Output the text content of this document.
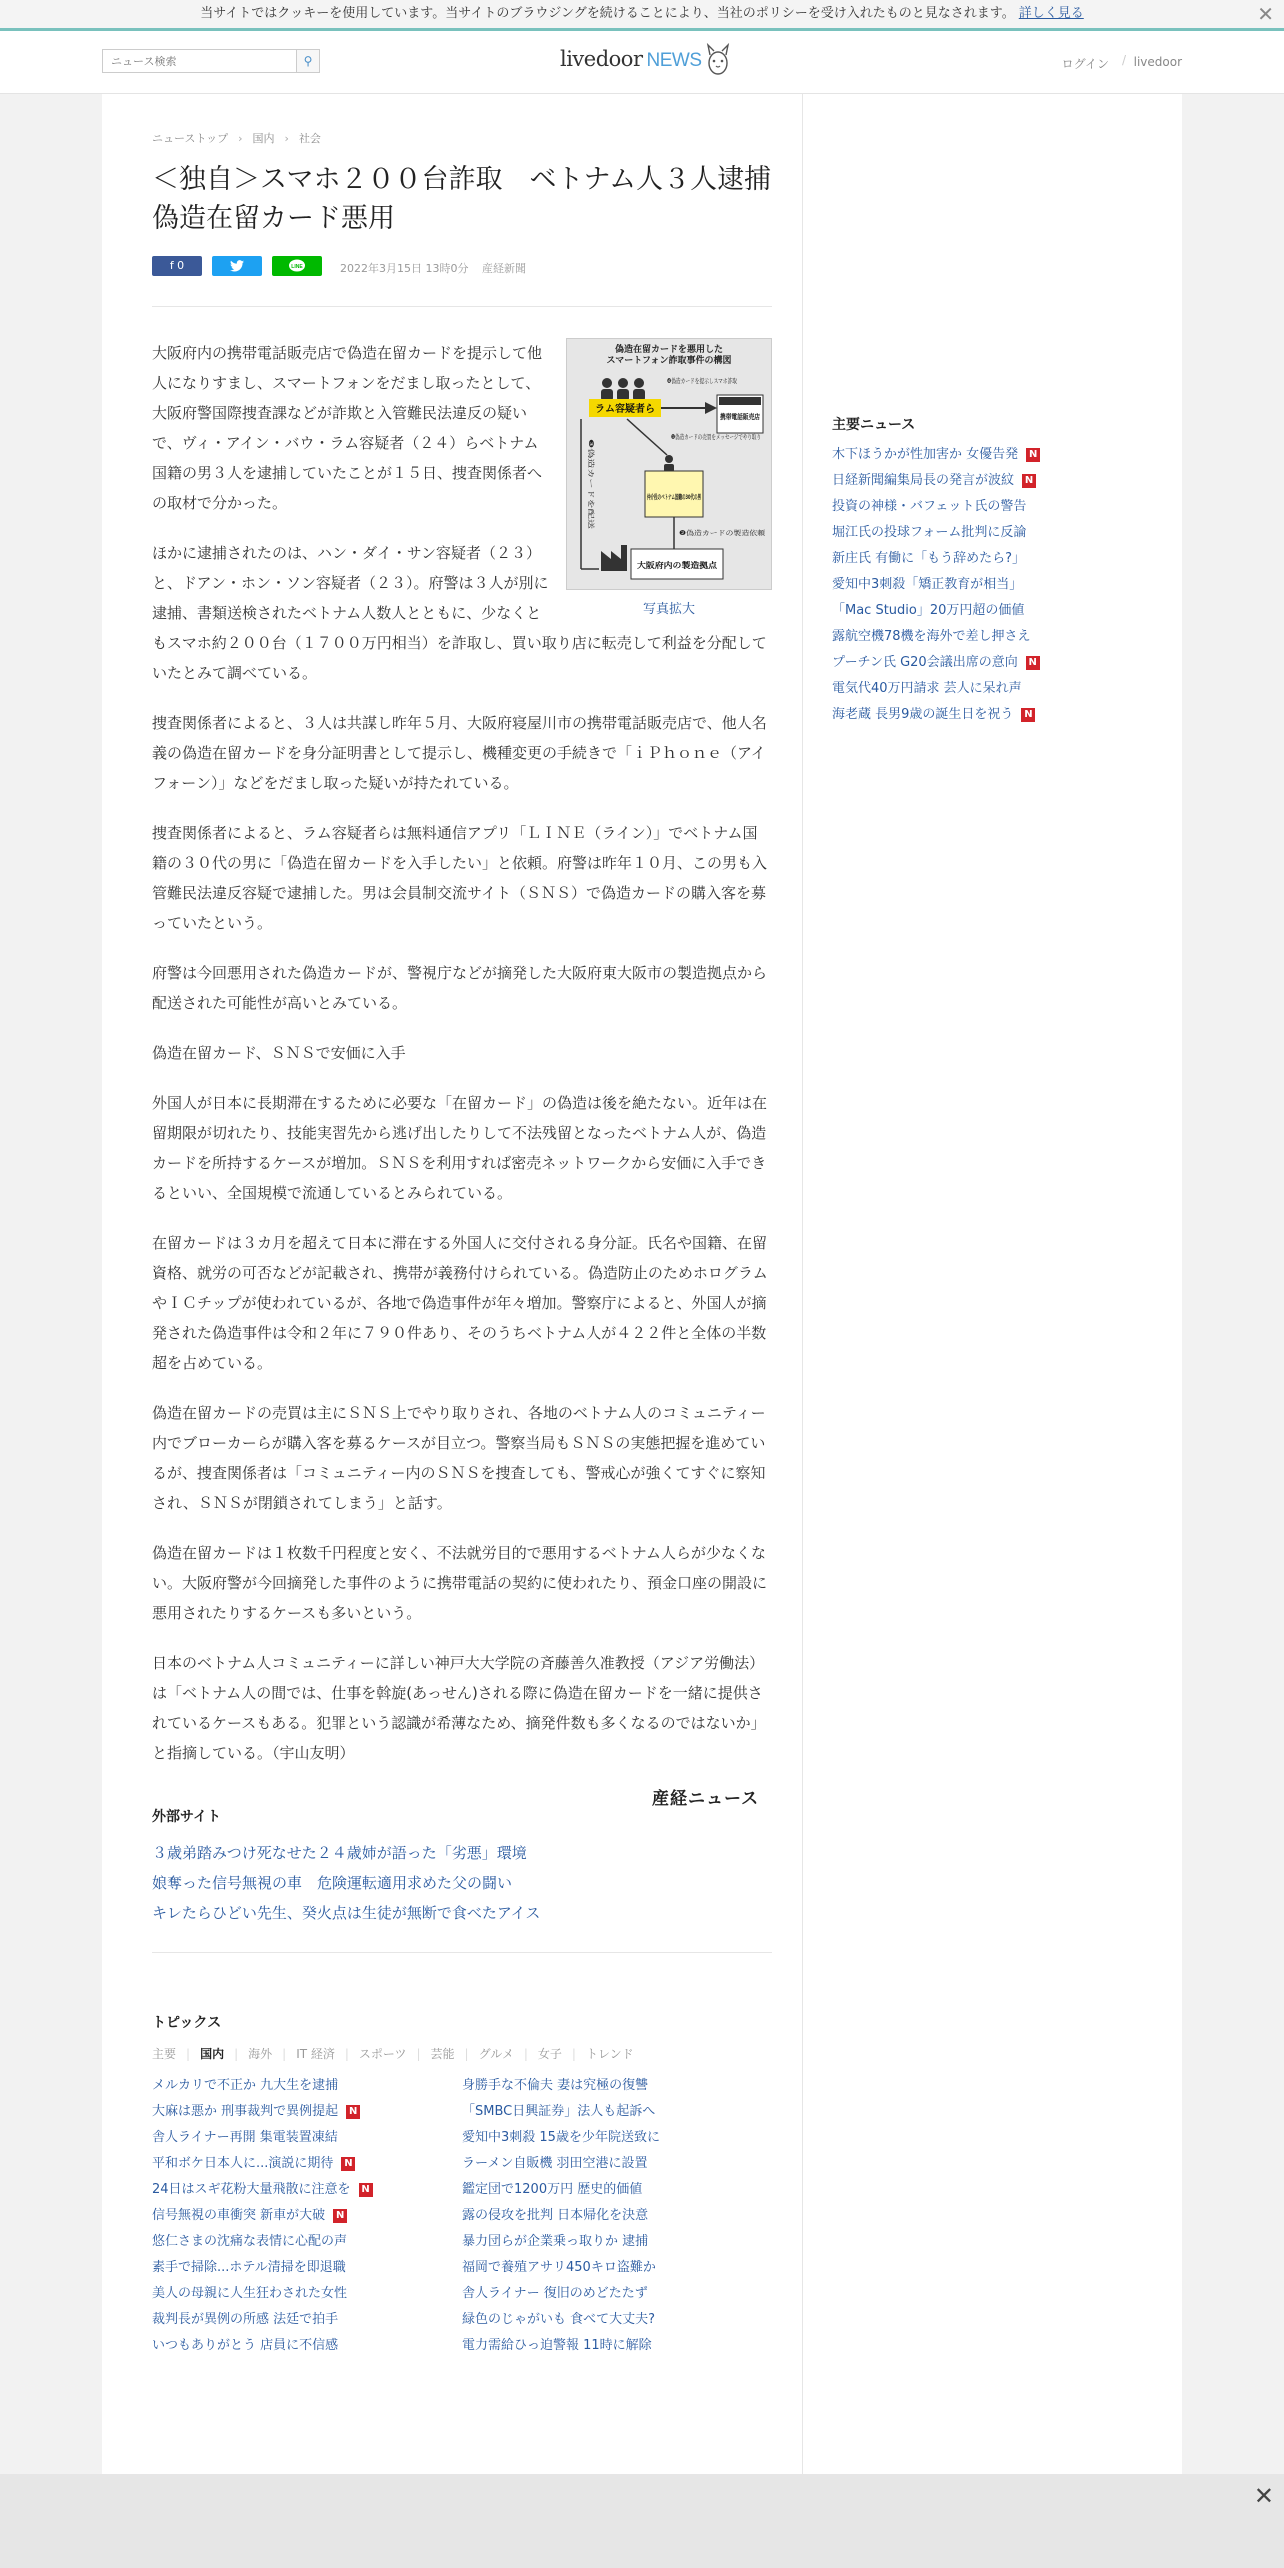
当サイトではクッキーを使用しています。当サイトのブラウジングを続けることにより、当社のポリシーを受け入れたものと見なされます。 詳しく見る	✕
ニュース検索
⚲	livedoor NEWS	ログイン / livedoor
ニューストップ › 国内 › 社会
＜独自＞スマホ２００台詐取　ベトナム人３人逮捕　偽造在留カード悪用
f 0	LINE	2022年3月15日 13時0分 産経新聞

大阪府内の携帯電話販売店で偽造在留カードを提示して他人になりすまし、スマートフォンをだまし取ったとして、大阪府警国際捜査課などが詐欺と入管難民法違反の疑いで、ヴィ・アイン・バウ・ラム容疑者（２４）らベトナム国籍の男３人を逮捕していたことが１５日、捜査関係者への取材で分かった。

ほかに逮捕されたのは、ハン・ダイ・サン容疑者（２３）と、ドアン・ホン・ソン容疑者（２３）。府警は３人が別に逮捕、書類送検されたベトナム人数人とともに、少なくともスマホ約２００台（１７００万円相当）を詐取し、買い取り店に転売して利益を分配していたとみて調べている。

捜査関係者によると、３人は共謀し昨年５月、大阪府寝屋川市の携帯電話販売店で、他人名義の偽造在留カードを身分証明書として提示し、機種変更の手続きで「ｉＰｈｏｎｅ（アイフォーン）」などをだまし取った疑いが持たれている。

捜査関係者によると、ラム容疑者らは無料通信アプリ「ＬＩＮＥ（ライン）」でベトナム国籍の３０代の男に「偽造在留カードを入手したい」と依頼。府警は昨年１０月、この男も入管難民法違反容疑で逮捕した。男は会員制交流サイト（ＳＮＳ）で偽造カードの購入客を募っていたという。

府警は今回悪用された偽造カードが、警視庁などが摘発した大阪府東大阪市の製造拠点から配送された可能性が高いとみている。

偽造在留カード、ＳＮＳで安価に入手

外国人が日本に長期滞在するために必要な「在留カード」の偽造は後を絶たない。近年は在留期限が切れたり、技能実習先から逃げ出したりして不法残留となったベトナム人が、偽造カードを所持するケースが増加。ＳＮＳを利用すれば密売ネットワークから安価に入手できるといい、全国規模で流通しているとみられている。

在留カードは３カ月を超えて日本に滞在する外国人に交付される身分証。氏名や国籍、在留資格、就労の可否などが記載され、携帯が義務付けられている。偽造防止のためホログラムやＩＣチップが使われているが、各地で偽造事件が年々増加。警察庁によると、外国人が摘発された偽造事件は令和２年に７９０件あり、そのうちベトナム人が４２２件と全体の半数超を占めている。

偽造在留カードの売買は主にＳＮＳ上でやり取りされ、各地のベトナム人のコミュニティー内でブローカーらが購入客を募るケースが目立つ。警察当局もＳＮＳの実態把握を進めているが、捜査関係者は「コミュニティー内のＳＮＳを捜査しても、警戒心が強くてすぐに察知され、ＳＮＳが閉鎖されてしまう」と話す。

偽造在留カードは１枚数千円程度と安く、不法就労目的で悪用するベトナム人らが少なくない。大阪府警が今回摘発した事件のように携帯電話の契約に使われたり、預金口座の開設に悪用されたりするケースも多いという。

日本のベトナム人コミュニティーに詳しい神戸大大学院の斉藤善久准教授（アジア労働法）は「ベトナム人の間では、仕事を斡旋(あっせん)される際に偽造在留カードを一緒に提供されているケースもある。犯罪という認識が希薄なため、摘発件数も多くなるのではないか」と指摘している。（宇山友明）

偽造在留カードを悪用した
スマートフォン詐取事件の構図
ラム容疑者ら
携帯電話販売店
❹偽造カードを提示しスマホ詐取
仲介役のベトナム国籍の30代の男
❶偽造カードの売買をメッセージでやり取り
❸偽造カードを配送
❷偽造カードの製造依頼
大阪府内の製造拠点
写真拡大
産経ニュース
外部サイト
３歳弟踏みつけ死なせた２４歳姉が語った「劣悪」環境
娘奪った信号無視の車　危険運転適用求めた父の闘い
キレたらひどい先生、癸火点は生徒が無断で食べたアイス
トピックス
主要 | 国内 | 海外 | IT 経済 | スポーツ | 芸能 | グルメ | 女子 | トレンド
メルカリで不正か 九大生を逮捕
大麻は悪か 刑事裁判で異例提起 N
舎人ライナー再開 集電装置凍結
平和ボケ日本人に...演説に期待 N
24日はスギ花粉大量飛散に注意を N
信号無視の車衝突 新車が大破 N
悠仁さまの沈痛な表情に心配の声
素手で掃除...ホテル清掃を即退職
美人の母親に人生狂わされた女性
裁判長が異例の所感 法廷で拍手
いつもありがとう 店員に不信感
身勝手な不倫夫 妻は究極の復讐
「SMBC日興証券」法人も起訴へ
愛知中3刺殺 15歳を少年院送致に
ラーメン自販機 羽田空港に設置
鑑定団で1200万円 歴史的価値
露の侵攻を批判 日本帰化を決意
暴力団らが企業乗っ取りか 逮捕
福岡で養殖アサリ450キロ盗難か
舎人ライナー 復旧のめどたたず
緑色のじゃがいも 食べて大丈夫?
電力需給ひっ迫警報 11時に解除
主要ニュース
木下ほうかが性加害か 女優告発 N
日経新聞編集局長の発言が波紋 N
投資の神様・バフェット氏の警告
堀江氏の投球フォーム批判に反論
新庄氏 有働に「もう辞めたら?」
愛知中3刺殺「矯正教育が相当」
「Mac Studio」20万円超の価値
露航空機78機を海外で差し押さえ
プーチン氏 G20会議出席の意向 N
電気代40万円請求 芸人に呆れ声
海老蔵 長男9歳の誕生日を祝う N
✕
